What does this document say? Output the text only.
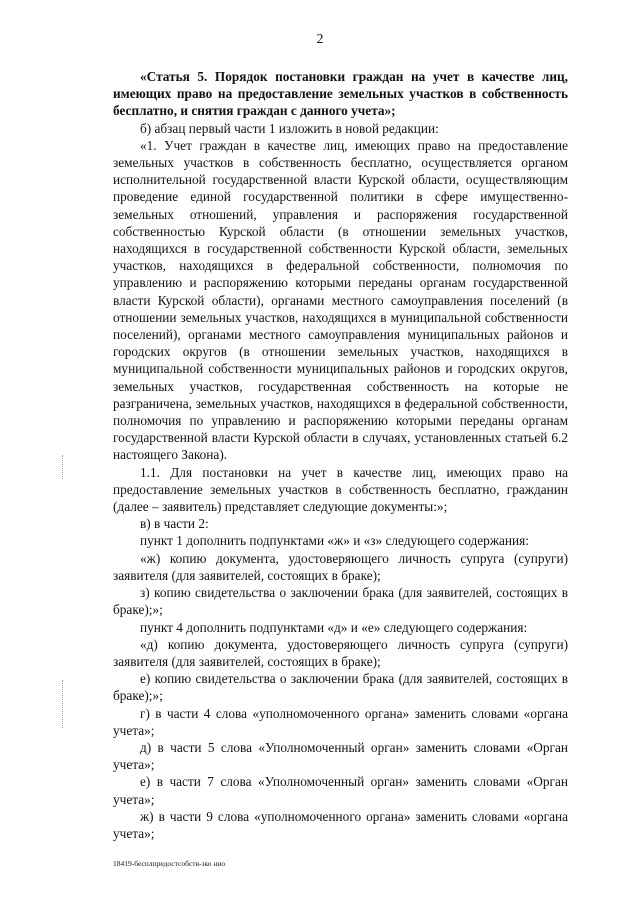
2

«Статья 5. Порядок постановки граждан на учет в качестве лиц, имеющих право на предоставление земельных участков в собственность бесплатно, и снятия граждан с данного учета»;

б) абзац первый части 1 изложить в новой редакции:

«1. Учет граждан в качестве лиц, имеющих право на предоставление земельных участков в собственность бесплатно, осуществляется органом исполнительной государственной власти Курской области, осуществляющим проведение единой государственной политики в сфере имущественно-земельных отношений, управления и распоряжения государственной собственностью Курской области (в отношении земельных участков, находящихся в государственной собственности Курской области, земельных участков, находящихся в федеральной собственности, полномочия по управлению и распоряжению которыми переданы органам государственной власти Курской области), органами местного самоуправления поселений (в отношении земельных участков, находящихся в муниципальной собственности поселений), органами местного самоуправления муниципальных районов и городских округов (в отношении земельных участков, находящихся в муниципальной собственности муниципальных районов и городских округов, земельных участков, государственная собственность на которые не разграничена, земельных участков, находящихся в федеральной собственности, полномочия по управлению и распоряжению которыми переданы органам государственной власти Курской области в случаях, установленных статьей 6.2 настоящего Закона).

1.1. Для постановки на учет в качестве лиц, имеющих право на предоставление земельных участков в собственность бесплатно, гражданин (далее – заявитель) представляет следующие документы:»;

в) в части 2:

пункт 1 дополнить подпунктами «ж» и «з» следующего содержания:

«ж) копию документа, удостоверяющего личность супруга (супруги) заявителя (для заявителей, состоящих в браке);

з) копию свидетельства о заключении брака (для заявителей, состоящих в браке);»;

пункт 4 дополнить подпунктами «д» и «е» следующего содержания:

«д) копию документа, удостоверяющего личность супруга (супруги) заявителя (для заявителей, состоящих в браке);

е) копию свидетельства о заключении брака (для заявителей, состоящих в браке);»;

г) в части 4 слова «уполномоченного органа» заменить словами «органа учета»;

д) в части 5 слова «Уполномоченный орган» заменить словами «Орган учета»;

е) в части 7 слова «Уполномоченный орган» заменить словами «Орган учета»;

ж) в части 9 слова «уполномоченного органа» заменить словами «органа учета»;

18419-бесплпредостсобств-зко нио
